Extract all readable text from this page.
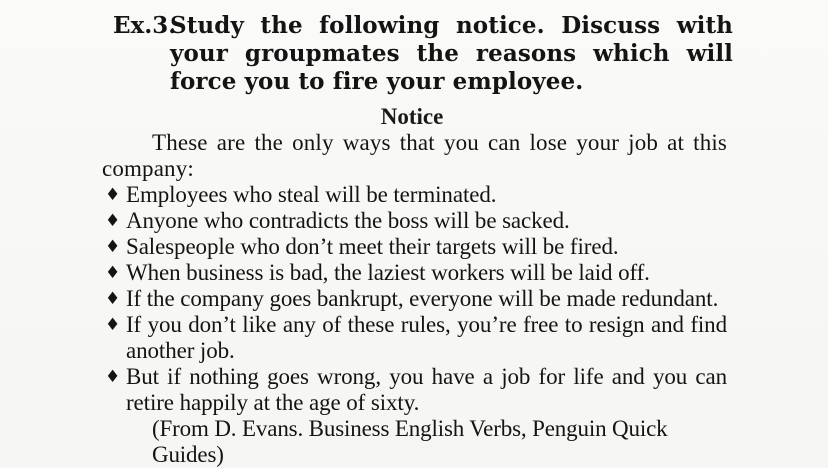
Ex.3.
Study the following notice. Discuss with your groupmates the reasons which will force you to fire your employee.
Notice

These are the only ways that you can lose your job at this company:

♦ Employees who steal will be terminated.
♦ Anyone who contradicts the boss will be sacked.
♦ Salespeople who don’t meet their targets will be fired.
♦ When business is bad, the laziest workers will be laid off.
♦ If the company goes bankrupt, everyone will be made redundant.
♦ If you don’t like any of these rules, you’re free to resign and find another job.
♦ But if nothing goes wrong, you have a job for life and you can retire happily at the age of sixty.

(From D. Evans. Business English Verbs, Penguin Quick Guides)
